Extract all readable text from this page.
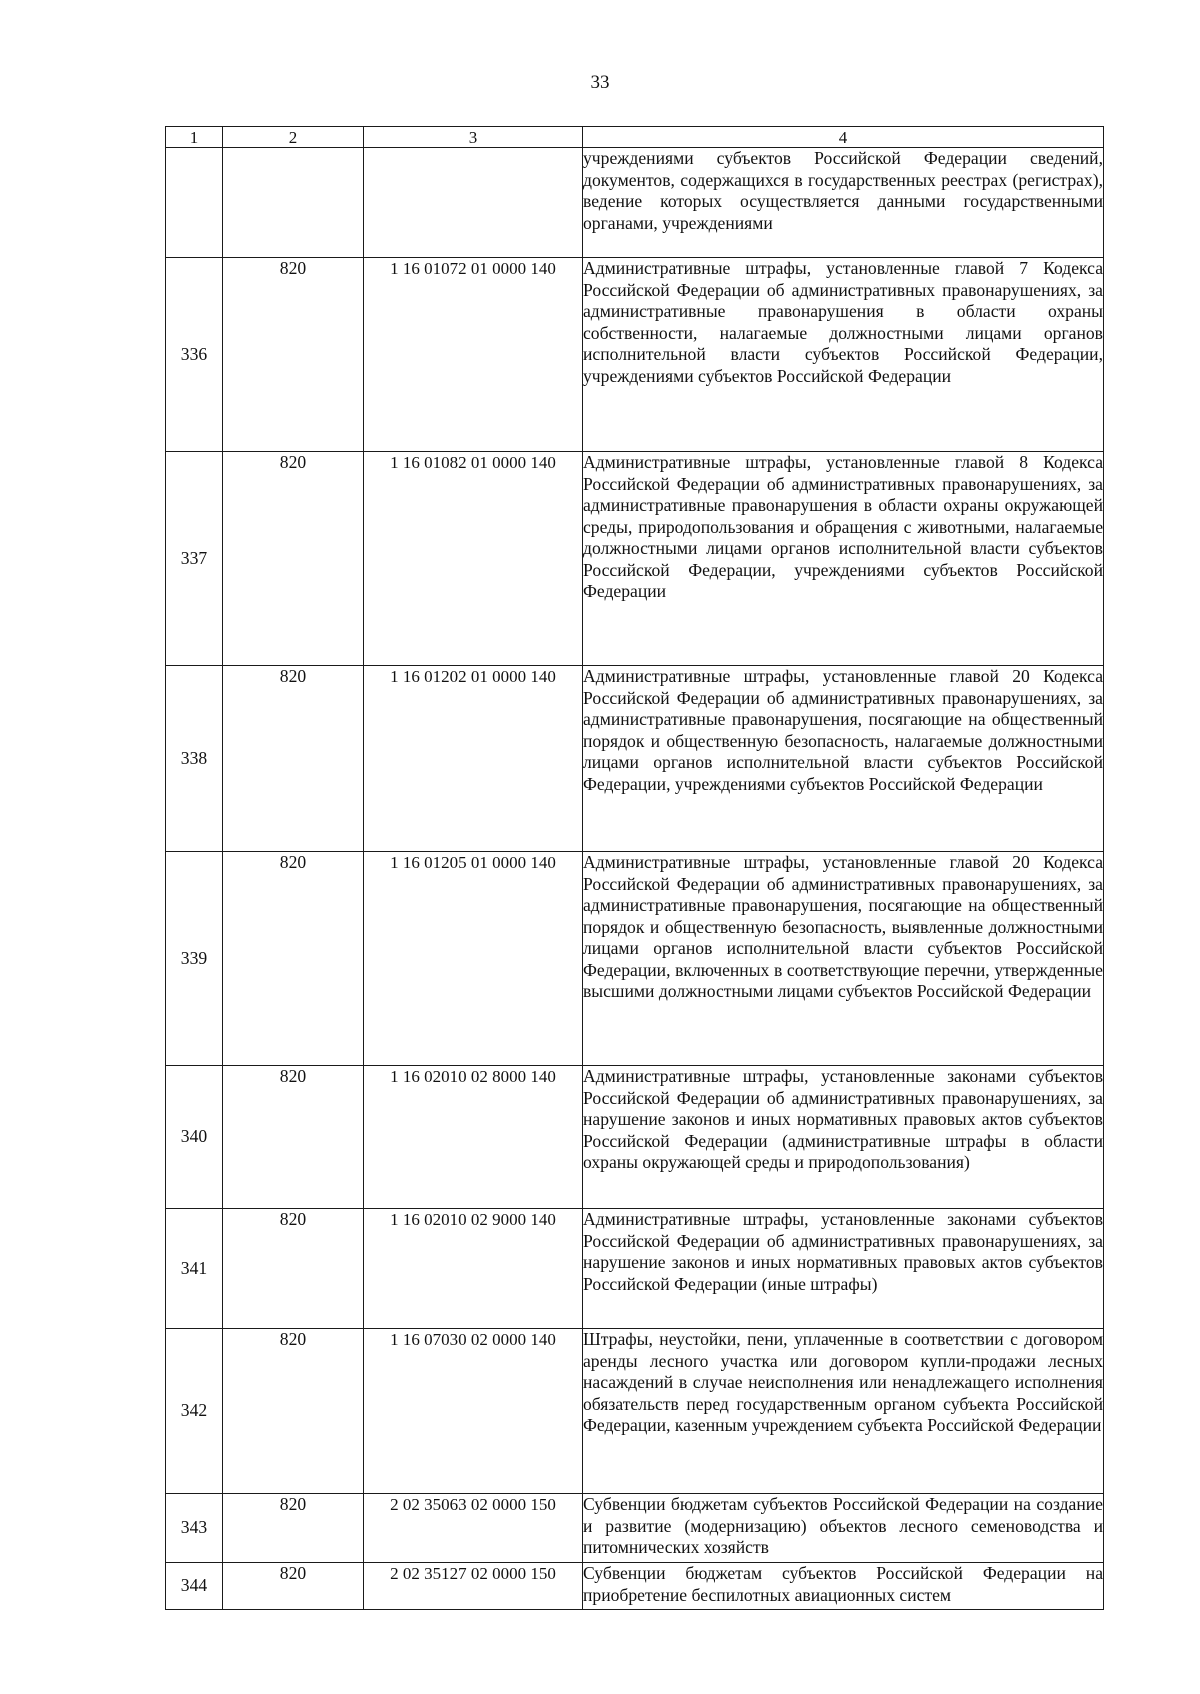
33
1	2	3	4
			учреждениями субъектов Российской Федерации сведений, документов, содержащихся в государственных реестрах (регистрах), ведение которых осуществляется данными государственными органами, учреждениями
336	820	1 16 01072 01 0000 140	Административные штрафы, установленные главой 7 Кодекса Российской Федерации об административных правонарушениях, за административные правонарушения в области охраны собственности, налагаемые должностными лицами органов исполнительной власти субъектов Российской Федерации, учреждениями субъектов Российской Федерации
337	820	1 16 01082 01 0000 140	Административные штрафы, установленные главой 8 Кодекса Российской Федерации об административных правонарушениях, за административные правонарушения в области охраны окружающей среды, природопользования и обращения с животными, налагаемые должностными лицами органов исполнительной власти субъектов Российской Федерации, учреждениями субъектов Российской Федерации
338	820	1 16 01202 01 0000 140	Административные штрафы, установленные главой 20 Кодекса Российской Федерации об административных правонарушениях, за административные правонарушения, посягающие на общественный порядок и общественную безопасность, налагаемые должностными лицами органов исполнительной власти субъектов Российской Федерации, учреждениями субъектов Российской Федерации
339	820	1 16 01205 01 0000 140	Административные штрафы, установленные главой 20 Кодекса Российской Федерации об административных правонарушениях, за административные правонарушения, посягающие на общественный порядок и общественную безопасность, выявленные должностными лицами органов исполнительной власти субъектов Российской Федерации, включенных в соответствующие перечни, утвержденные высшими должностными лицами субъектов Российской Федерации
340	820	1 16 02010 02 8000 140	Административные штрафы, установленные законами субъектов Российской Федерации об административных правонарушениях, за нарушение законов и иных нормативных правовых актов субъектов Российской Федерации (административные штрафы в области охраны окружающей среды и природопользования)
341	820	1 16 02010 02 9000 140	Административные штрафы, установленные законами субъектов Российской Федерации об административных правонарушениях, за нарушение законов и иных нормативных правовых актов субъектов Российской Федерации (иные штрафы)
342	820	1 16 07030 02 0000 140	Штрафы, неустойки, пени, уплаченные в соответствии с договором аренды лесного участка или договором купли-продажи лесных насаждений в случае неисполнения или ненадлежащего исполнения обязательств перед государственным органом субъекта Российской Федерации, казенным учреждением субъекта Российской Федерации
343	820	2 02 35063 02 0000 150	Субвенции бюджетам субъектов Российской Федерации на создание и развитие (модернизацию) объектов лесного семеноводства и питомнических хозяйств
344	820	2 02 35127 02 0000 150	Субвенции бюджетам субъектов Российской Федерации на приобретение беспилотных авиационных систем
